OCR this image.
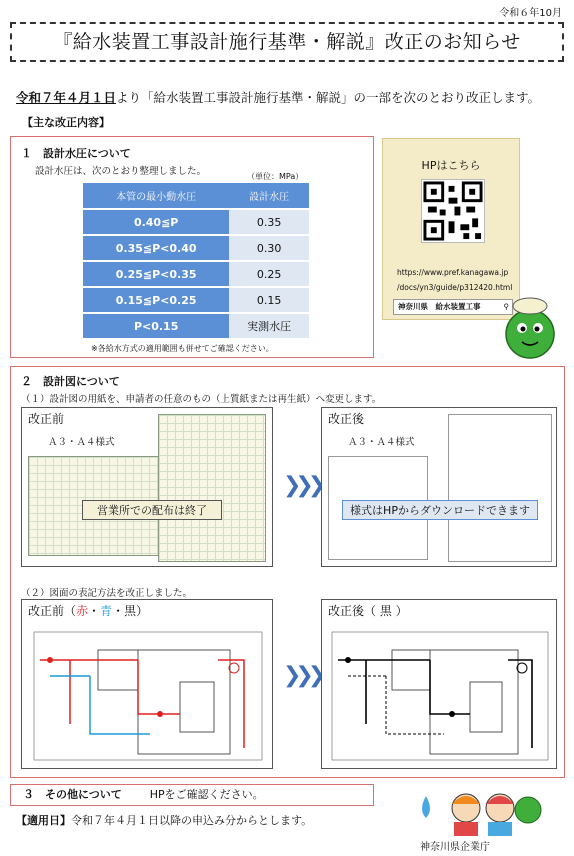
令和６年10月
『給水装置工事設計施行基準・解説』改正のお知らせ
令和７年４月１日より「給水装置工事設計施行基準・解説」の一部を次のとおり改正します。
【主な改正内容】
１　設計水圧について
設計水圧は、次のとおり整理しました。	（単位：MPa）
本管の最小動水圧	設計水圧
0.40≦P	0.35
0.35≦P<0.40	0.30
0.25≦P<0.35	0.25
0.15≦P<0.25	0.15
P<0.15	実測水圧
※各給水方式の適用範囲も併せてご確認ください。
HPはこちら
https://www.pref.kanagawa.jp
/docs/yn3/guide/p312420.html
神奈川県　給水装置工事	⚲
２　設計図について
（１）設計図の用紙を、申請者の任意のもの（上質紙または再生紙）へ変更します。
改正前
Ａ３・Ａ４様式
営業所での配布は終了
❯❯❯
改正後
Ａ３・Ａ４様式
様式はHPからダウンロードできます
（２）図面の表記方法を改正しました。
改正前（赤・青・黒）
❯❯❯
改正後（ 黒 ）
３　その他について	HPをご確認ください。
【適用日】令和７年４月１日以降の申込み分からとします。
神奈川県企業庁
